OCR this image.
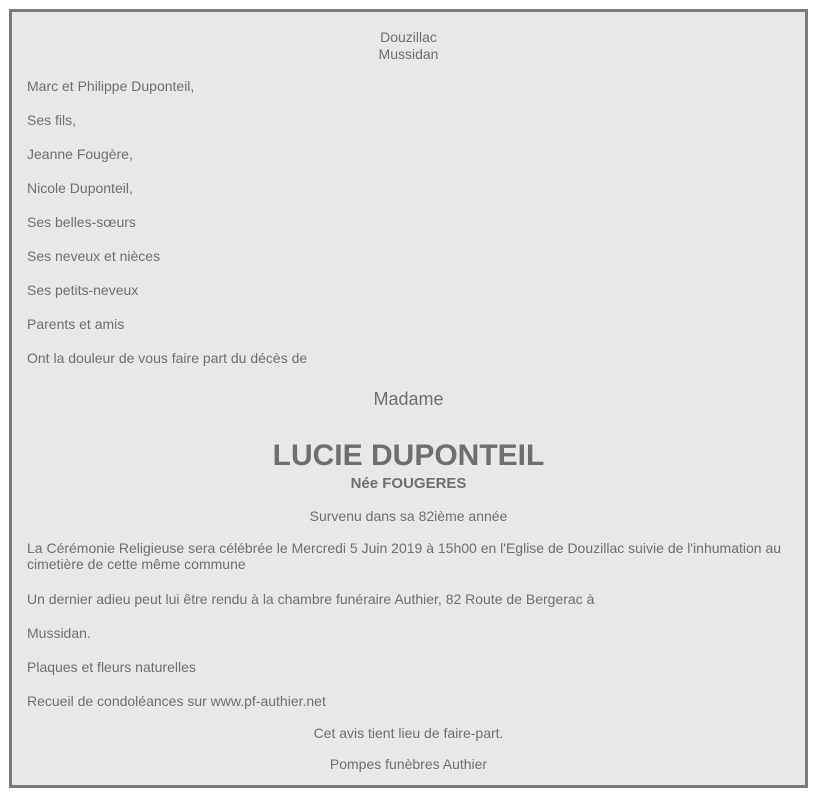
Douzillac
Mussidan
Marc et Philippe Duponteil,
Ses fils,
Jeanne Fougère,
Nicole Duponteil,
Ses belles-sœurs
Ses neveux et nièces
Ses petits-neveux
Parents et amis
Ont la douleur de vous faire part du décès de
Madame
LUCIE DUPONTEIL
Née FOUGERES
Survenu dans sa 82ième année
La Cérémonie Religieuse sera célébrée le Mercredi 5 Juin 2019 à 15h00 en l'Eglise de Douzillac suivie de l'inhumation au cimetière de cette même commune
Un dernier adieu peut lui être rendu à la chambre funéraire Authier, 82 Route de Bergerac à
Mussidan.
Plaques et fleurs naturelles
Recueil de condoléances sur www.pf-authier.net
Cet avis tient lieu de faire-part.
Pompes funèbres Authier
